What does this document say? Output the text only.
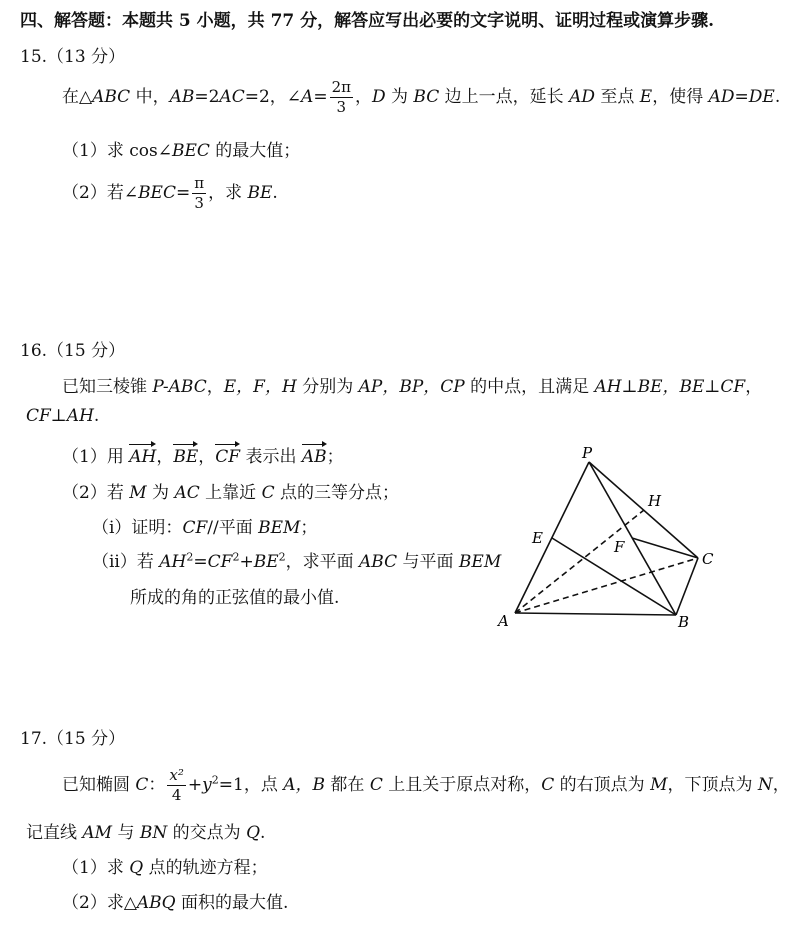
四、解答题：本题共 5 小题，共 77 分，解答应写出必要的文字说明、证明过程或演算步骤.
15.（13 分）
在△ABC 中，AB=2AC=2，∠A= $\frac{2\pi}{3}$ ，D 为 BC 边上一点，延长 AD 至点 E，使得 AD=DE.
（1）求 cos∠BEC 的最大值；
（2）若∠BEC= $\frac{\pi}{3}$ ，求 BE.
16.（15 分）
已知三棱锥 P-ABC，E，F，H 分别为 AP，BP，CP 的中点，且满足 AH⊥BE，BE⊥CF，
CF⊥AH.
（1）用 AH，BE，CF 表示出 AB；
（2）若 M 为 AC 上靠近 C 点的三等分点；
（i）证明：CF//平面 BEM；
（ii）若 $AH^2=CF^2+BE^2$，求平面 ABC 与平面 BEM
所成的角的正弦值的最小值.
P
H
E	F
C
A	B
17.（15 分）
已知椭圆 C： $\frac{\text{x²}}{4} +y^2=1$，点 A，B 都在 C 上且关于原点对称，C 的右顶点为 M，下顶点为 N，
记直线 AM 与 BN 的交点为 Q.
（1）求 Q 点的轨迹方程；
（2）求△ABQ 面积的最大值.
